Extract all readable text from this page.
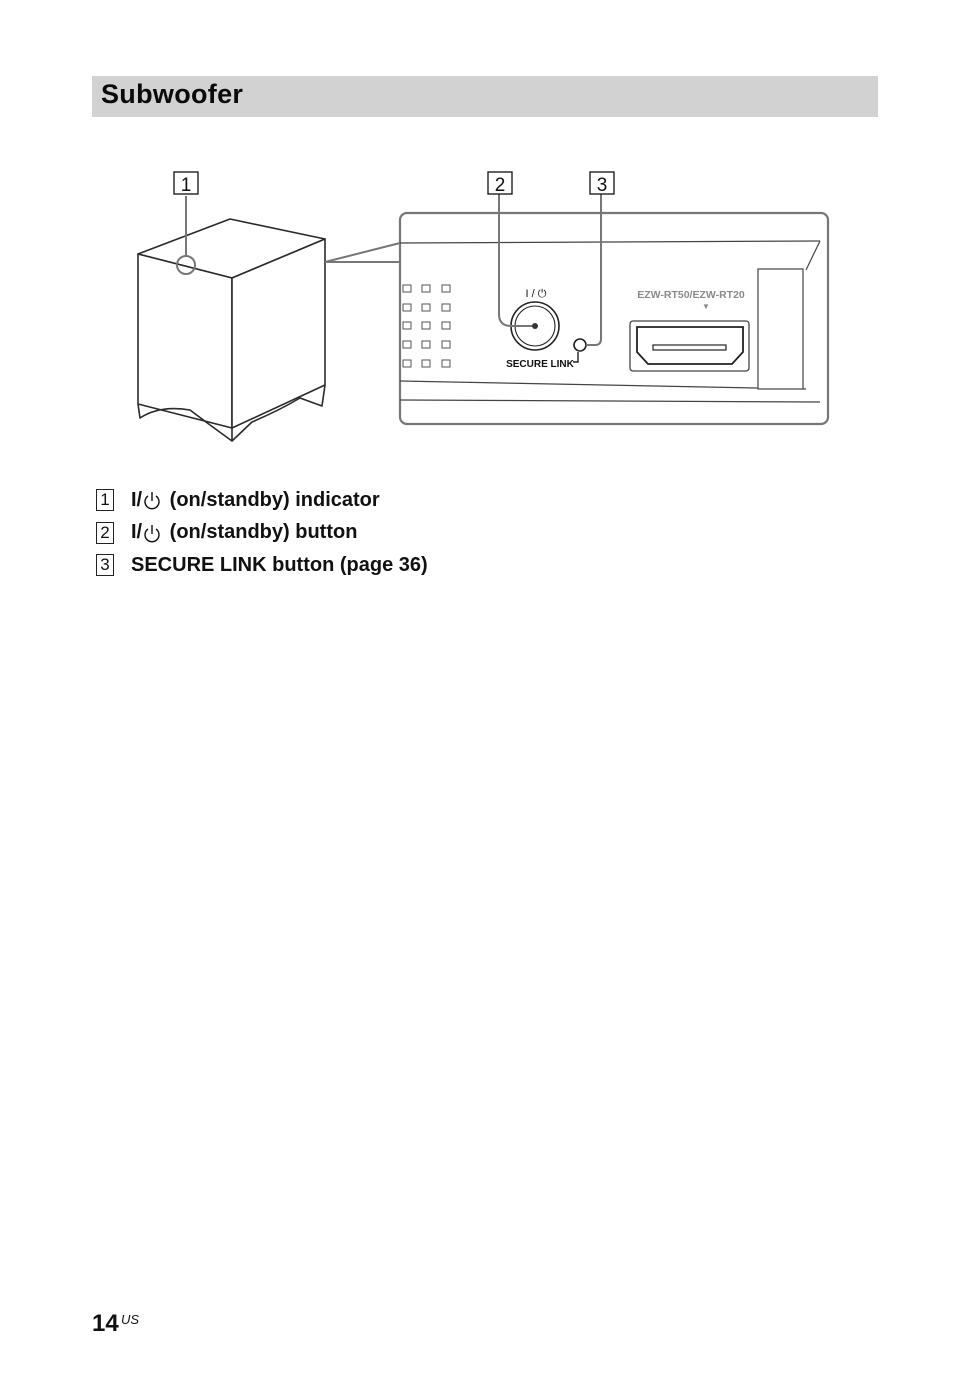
Subwoofer
I / ⏻
SECURE LINK
EZW-RT50/EZW-RT20
▼
1	2	3
1 I/ (on/standby) indicator
2 I/ (on/standby) button
3 SECURE LINK button (page 36)
14 US
